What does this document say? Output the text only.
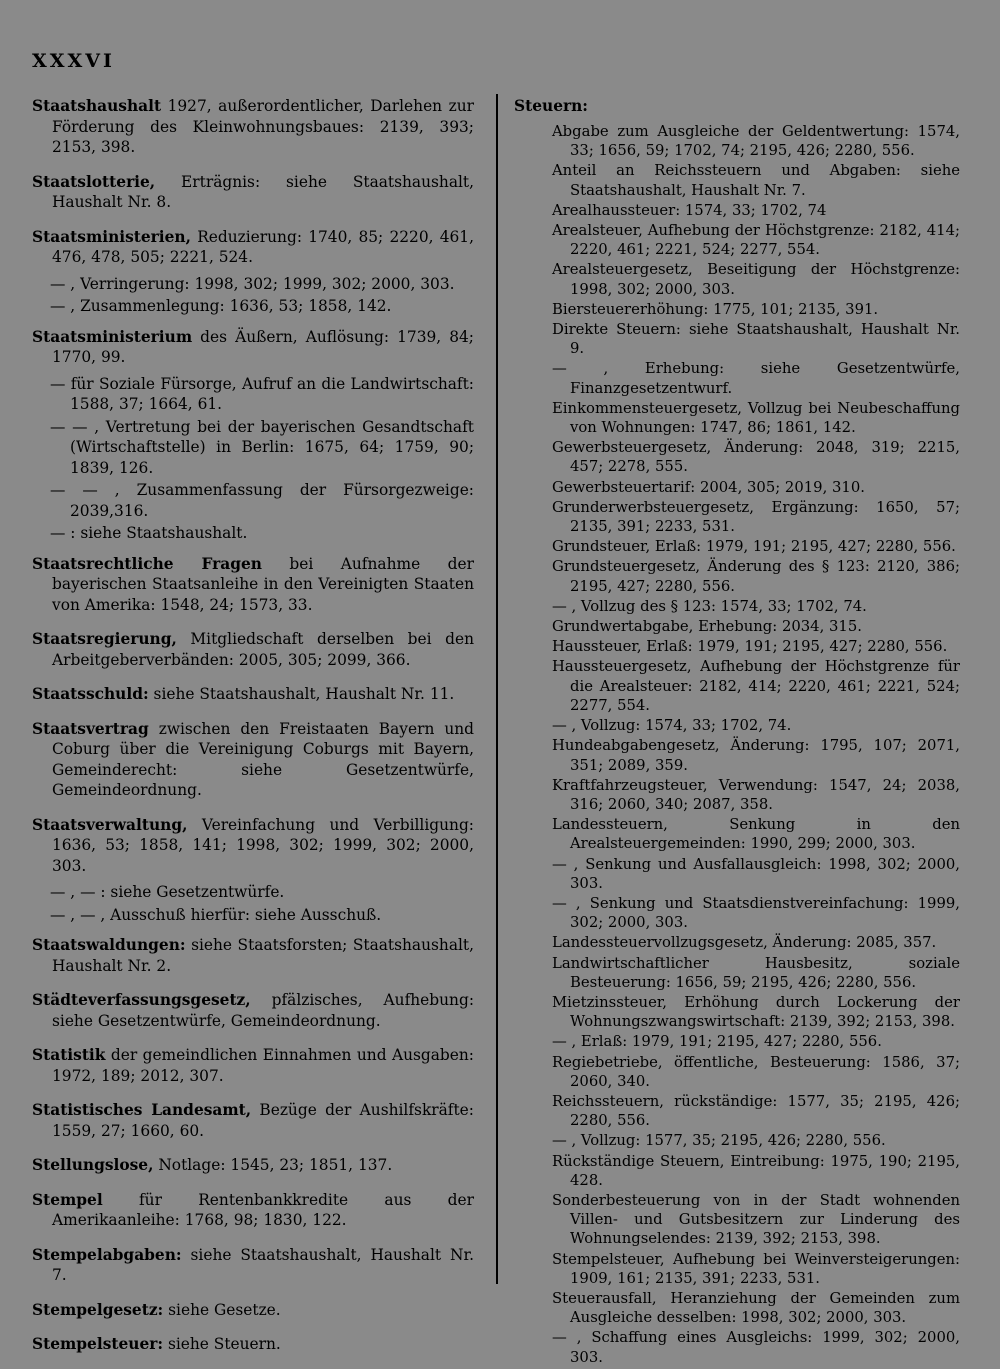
XXXVI
Staatshaushalt 1927, außerordentlicher, Darlehen zur Förderung des Kleinwohnungsbaues: 2139, 393; 2153, 398.
Staatslotterie, Erträgnis: siehe Staatshaushalt, Haushalt Nr. 8.
Staatsministerien, Reduzierung: 1740, 85; 2220, 461, 476, 478, 505; 2221, 524.
— , Verringerung: 1998, 302; 1999, 302; 2000, 303.
— , Zusammenlegung: 1636, 53; 1858, 142.
Staatsministerium des Äußern, Auflösung: 1739, 84; 1770, 99.
— für Soziale Fürsorge, Aufruf an die Landwirtschaft: 1588, 37; 1664, 61.
— — , Vertretung bei der bayerischen Gesandtschaft (Wirtschaftstelle) in Berlin: 1675, 64; 1759, 90; 1839, 126.
— — , Zusammenfassung der Fürsorgezweige: 2039,316.
— : siehe Staatshaushalt.
Staatsrechtliche Fragen bei Aufnahme der bayerischen Staatsanleihe in den Vereinigten Staaten von Amerika: 1548, 24; 1573, 33.
Staatsregierung, Mitgliedschaft derselben bei den Arbeitgeberverbänden: 2005, 305; 2099, 366.
Staatsschuld: siehe Staatshaushalt, Haushalt Nr. 11.
Staatsvertrag zwischen den Freistaaten Bayern und Coburg über die Vereinigung Coburgs mit Bayern, Gemeinderecht: siehe Gesetzentwürfe, Gemeindeordnung.
Staatsverwaltung, Vereinfachung und Verbilligung: 1636, 53; 1858, 141; 1998, 302; 1999, 302; 2000, 303.
— , — : siehe Gesetzentwürfe.
— , — , Ausschuß hierfür: siehe Ausschuß.
Staatswaldungen: siehe Staatsforsten; Staatshaushalt, Haushalt Nr. 2.
Städteverfassungsgesetz, pfälzisches, Aufhebung: siehe Gesetzentwürfe, Gemeindeordnung.
Statistik der gemeindlichen Einnahmen und Ausgaben: 1972, 189; 2012, 307.
Statistisches Landesamt, Bezüge der Aushilfskräfte: 1559, 27; 1660, 60.
Stellungslose, Notlage: 1545, 23; 1851, 137.
Stempel für Rentenbankkredite aus der Amerikaanleihe: 1768, 98; 1830, 122.
Stempelabgaben: siehe Staatshaushalt, Haushalt Nr. 7.
Stempelgesetz: siehe Gesetze.
Stempelsteuer: siehe Steuern.
Steuern:
Abgabe zum Ausgleiche der Geldentwertung: 1574, 33; 1656, 59; 1702, 74; 2195, 426; 2280, 556.
Anteil an Reichssteuern und Abgaben: siehe Staatshaushalt, Haushalt Nr. 7.
Arealhaussteuer: 1574, 33; 1702, 74
Arealsteuer, Aufhebung der Höchstgrenze: 2182, 414; 2220, 461; 2221, 524; 2277, 554.
Arealsteuergesetz, Beseitigung der Höchstgrenze: 1998, 302; 2000, 303.
Biersteuererhöhung: 1775, 101; 2135, 391.
Direkte Steuern: siehe Staatshaushalt, Haushalt Nr. 9.
— , Erhebung: siehe Gesetzentwürfe, Finanzgesetzentwurf.
Einkommensteuergesetz, Vollzug bei Neubeschaffung von Wohnungen: 1747, 86; 1861, 142.
Gewerbsteuergesetz, Änderung: 2048, 319; 2215, 457; 2278, 555.
Gewerbsteuertarif: 2004, 305; 2019, 310.
Grunderwerbsteuergesetz, Ergänzung: 1650, 57; 2135, 391; 2233, 531.
Grundsteuer, Erlaß: 1979, 191; 2195, 427; 2280, 556.
Grundsteuergesetz, Änderung des § 123: 2120, 386; 2195, 427; 2280, 556.
— , Vollzug des § 123: 1574, 33; 1702, 74.
Grundwertabgabe, Erhebung: 2034, 315.
Haussteuer, Erlaß: 1979, 191; 2195, 427; 2280, 556.
Haussteuergesetz, Aufhebung der Höchstgrenze für die Arealsteuer: 2182, 414; 2220, 461; 2221, 524; 2277, 554.
— , Vollzug: 1574, 33; 1702, 74.
Hundeabgabengesetz, Änderung: 1795, 107; 2071, 351; 2089, 359.
Kraftfahrzeugsteuer, Verwendung: 1547, 24; 2038, 316; 2060, 340; 2087, 358.
Landessteuern, Senkung in den Arealsteuergemeinden: 1990, 299; 2000, 303.
— , Senkung und Ausfallausgleich: 1998, 302; 2000, 303.
— , Senkung und Staatsdienstvereinfachung: 1999, 302; 2000, 303.
Landessteuervollzugsgesetz, Änderung: 2085, 357.
Landwirtschaftlicher Hausbesitz, soziale Besteuerung: 1656, 59; 2195, 426; 2280, 556.
Mietzinssteuer, Erhöhung durch Lockerung der Wohnungszwangswirtschaft: 2139, 392; 2153, 398.
— , Erlaß: 1979, 191; 2195, 427; 2280, 556.
Regiebetriebe, öffentliche, Besteuerung: 1586, 37; 2060, 340.
Reichssteuern, rückständige: 1577, 35; 2195, 426; 2280, 556.
— , Vollzug: 1577, 35; 2195, 426; 2280, 556.
Rückständige Steuern, Eintreibung: 1975, 190; 2195, 428.
Sonderbesteuerung von in der Stadt wohnenden Villen- und Gutsbesitzern zur Linderung des Wohnungselendes: 2139, 392; 2153, 398.
Stempelsteuer, Aufhebung bei Weinversteigerungen: 1909, 161; 2135, 391; 2233, 531.
Steuerausfall, Heranziehung der Gemeinden zum Ausgleiche desselben: 1998, 302; 2000, 303.
— , Schaffung eines Ausgleichs: 1999, 302; 2000, 303.
